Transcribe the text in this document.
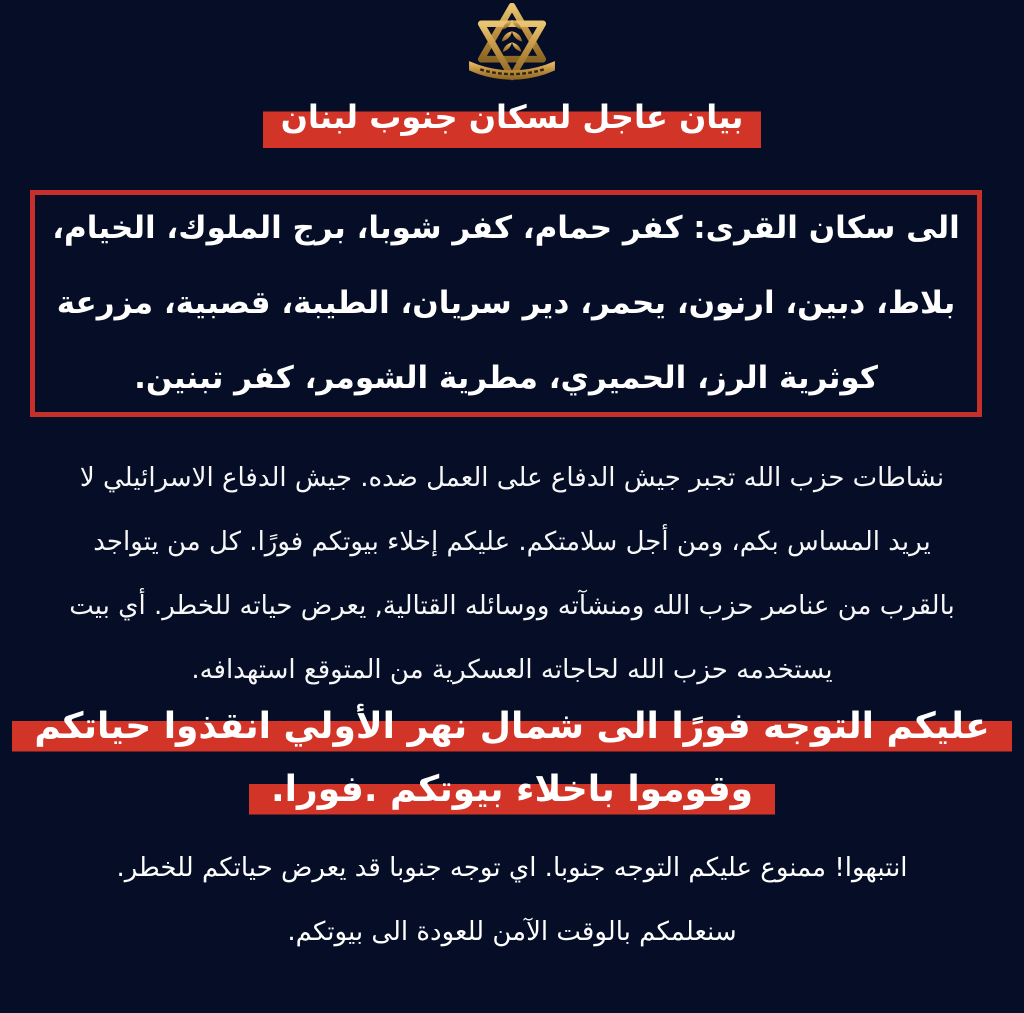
بيان عاجل لسكان جنوب لبنان
الى سكان القرى: كفر حمام، كفر شوبا، برج الملوك، الخيام،
بلاط، دبين، ارنون، يحمر، دير سريان، الطيبة، قصبية، مزرعة
كوثرية الرز، الحميري، مطرية الشومر، كفر تبنين.
نشاطات حزب الله تجبر جيش الدفاع على العمل ضده. جيش الدفاع الاسرائيلي لا
يريد المساس بكم، ومن أجل سلامتكم. عليكم إخلاء بيوتكم فورًا. كل من يتواجد
بالقرب من عناصر حزب الله ومنشآته ووسائله القتالية, يعرض حياته للخطر. أي بيت
يستخدمه حزب الله لحاجاته العسكرية من المتوقع استهدافه.
عليكم التوجه فورًا الى شمال نهر الأولي انقذوا حياتكم
وقوموا باخلاء بيوتكم .فورا.
انتبهوا! ممنوع عليكم التوجه جنوبا. اي توجه جنوبا قد يعرض حياتكم للخطر.
سنعلمكم بالوقت الآمن للعودة الى بيوتكم.
